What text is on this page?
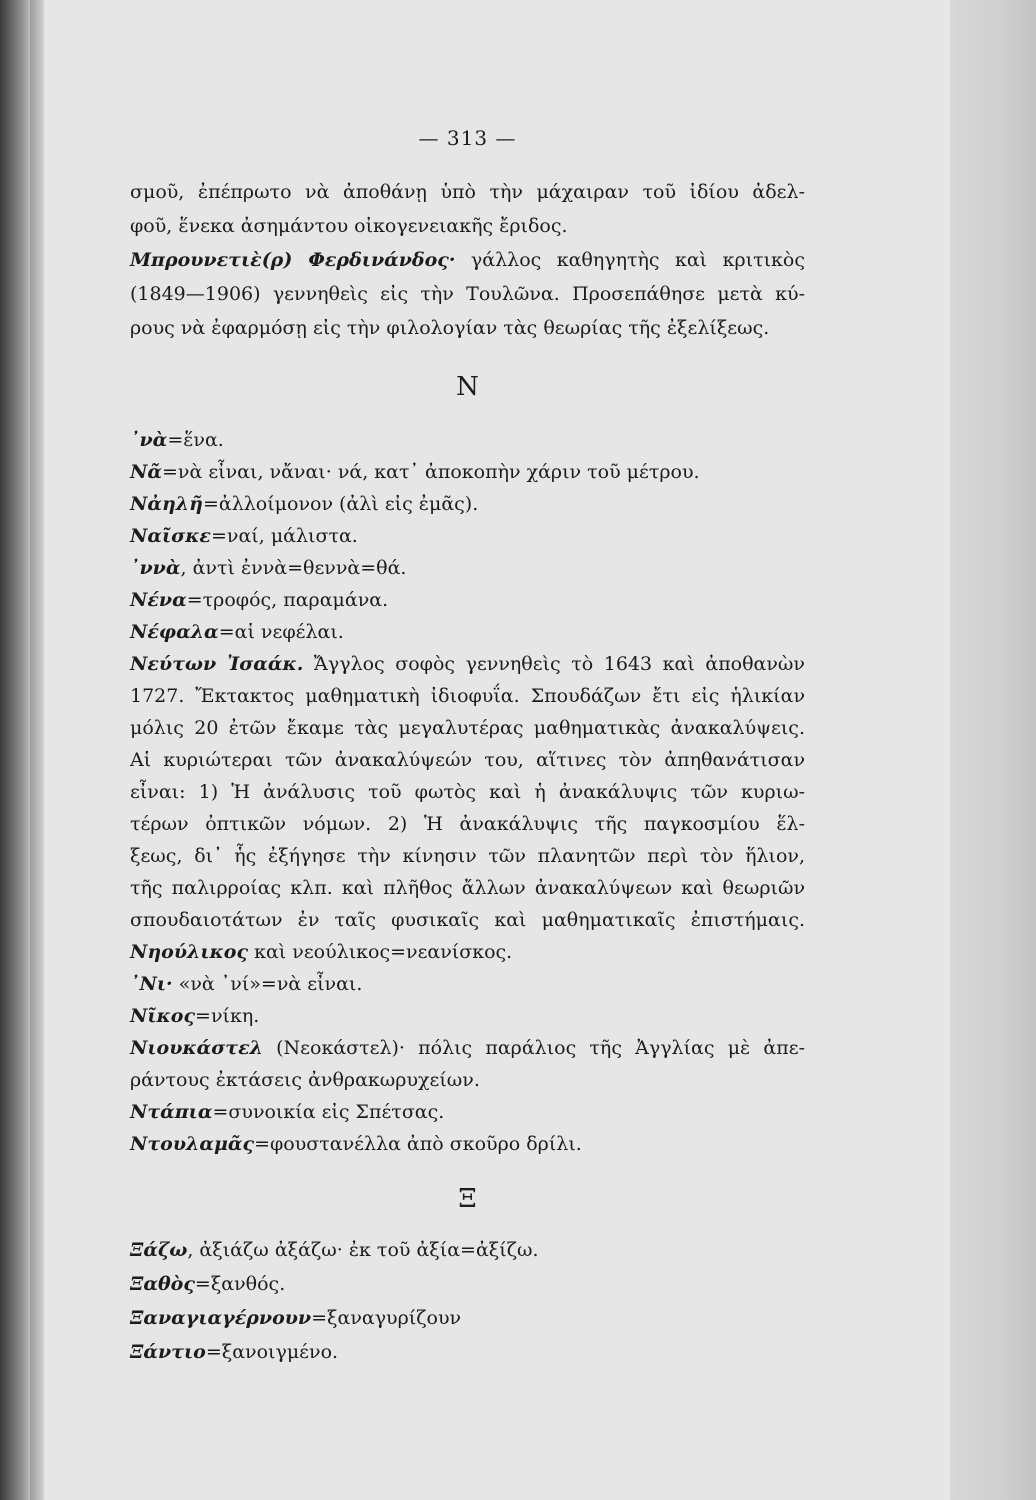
— 313 —
σμοῦ, ἐπέπρωτο νὰ ἀποθάνῃ ὑπὸ τὴν μάχαιραν τοῦ ἰδίου ἀδελ-
φοῦ, ἕνεκα ἀσημάντου οἰκογενειακῆς ἔριδος.
Μπρουνετιὲ(ρ) Φερδινάνδος· γάλλος καθηγητὴς καὶ κριτικὸς
(1849—1906) γεννηθεὶς εἰς τὴν Τουλῶνα. Προσεπάθησε μετὰ κύ-
ρους νὰ ἐφαρμόσῃ εἰς τὴν φιλολογίαν τὰς θεωρίας τῆς ἐξελίξεως.
Ν
᾽νὰ=ἕνα.
Νᾶ=νὰ εἶναι, νἄναι· νά, κατ᾽ ἀποκοπὴν χάριν τοῦ μέτρου.
Νἀηλῆ=ἀλλοίμονον (ἀλὶ εἰς ἐμᾶς).
Ναῖσκε=ναί, μάλιστα.
᾽ννὰ, ἀντὶ ἐννὰ=θεννὰ=θά.
Νένα=τροφός, παραμάνα.
Νέφαλα=αἱ νεφέλαι.
Νεύτων Ἰσαάκ. Ἄγγλος σοφὸς γεννηθεὶς τὸ 1643 καὶ ἀποθανὼν
1727. Ἔκτακτος μαθηματικὴ ἰδιοφυΐα. Σπουδάζων ἔτι εἰς ἡλικίαν
μόλις 20 ἐτῶν ἔκαμε τὰς μεγαλυτέρας μαθηματικὰς ἀνακαλύψεις.
Αἱ κυριώτεραι τῶν ἀνακαλύψεών του, αἵτινες τὸν ἀπηθανάτισαν
εἶναι: 1) Ἡ ἀνάλυσις τοῦ φωτὸς καὶ ἡ ἀνακάλυψις τῶν κυριω-
τέρων ὀπτικῶν νόμων. 2) Ἡ ἀνακάλυψις τῆς παγκοσμίου ἕλ-
ξεως, δι᾽ ἧς ἐξήγησε τὴν κίνησιν τῶν πλανητῶν περὶ τὸν ἥλιον,
τῆς παλιρροίας κλπ. καὶ πλῆθος ἄλλων ἀνακαλύψεων καὶ θεωριῶν
σπουδαιοτάτων ἐν ταῖς φυσικαῖς καὶ μαθηματικαῖς ἐπιστήμαις.
Νηούλικος καὶ νεούλικος=νεανίσκος.
᾽Νι· «νὰ ᾽νί»=νὰ εἶναι.
Νῖκος=νίκη.
Νιουκάστελ (Νεοκάστελ)· πόλις παράλιος τῆς Ἀγγλίας μὲ ἀπε-
ράντους ἐκτάσεις ἀνθρακωρυχείων.
Ντάπια=συνοικία εἰς Σπέτσας.
Ντουλαμᾶς=φουστανέλλα ἀπὸ σκοῦρο δρίλι.
Ξ
Ξάζω, ἀξιάζω ἀξάζω· ἐκ τοῦ ἀξία=ἀξίζω.
Ξαθὸς=ξανθός.
Ξαναγιαγέρνουν=ξαναγυρίζουν
Ξάντιο=ξανοιγμένο.
